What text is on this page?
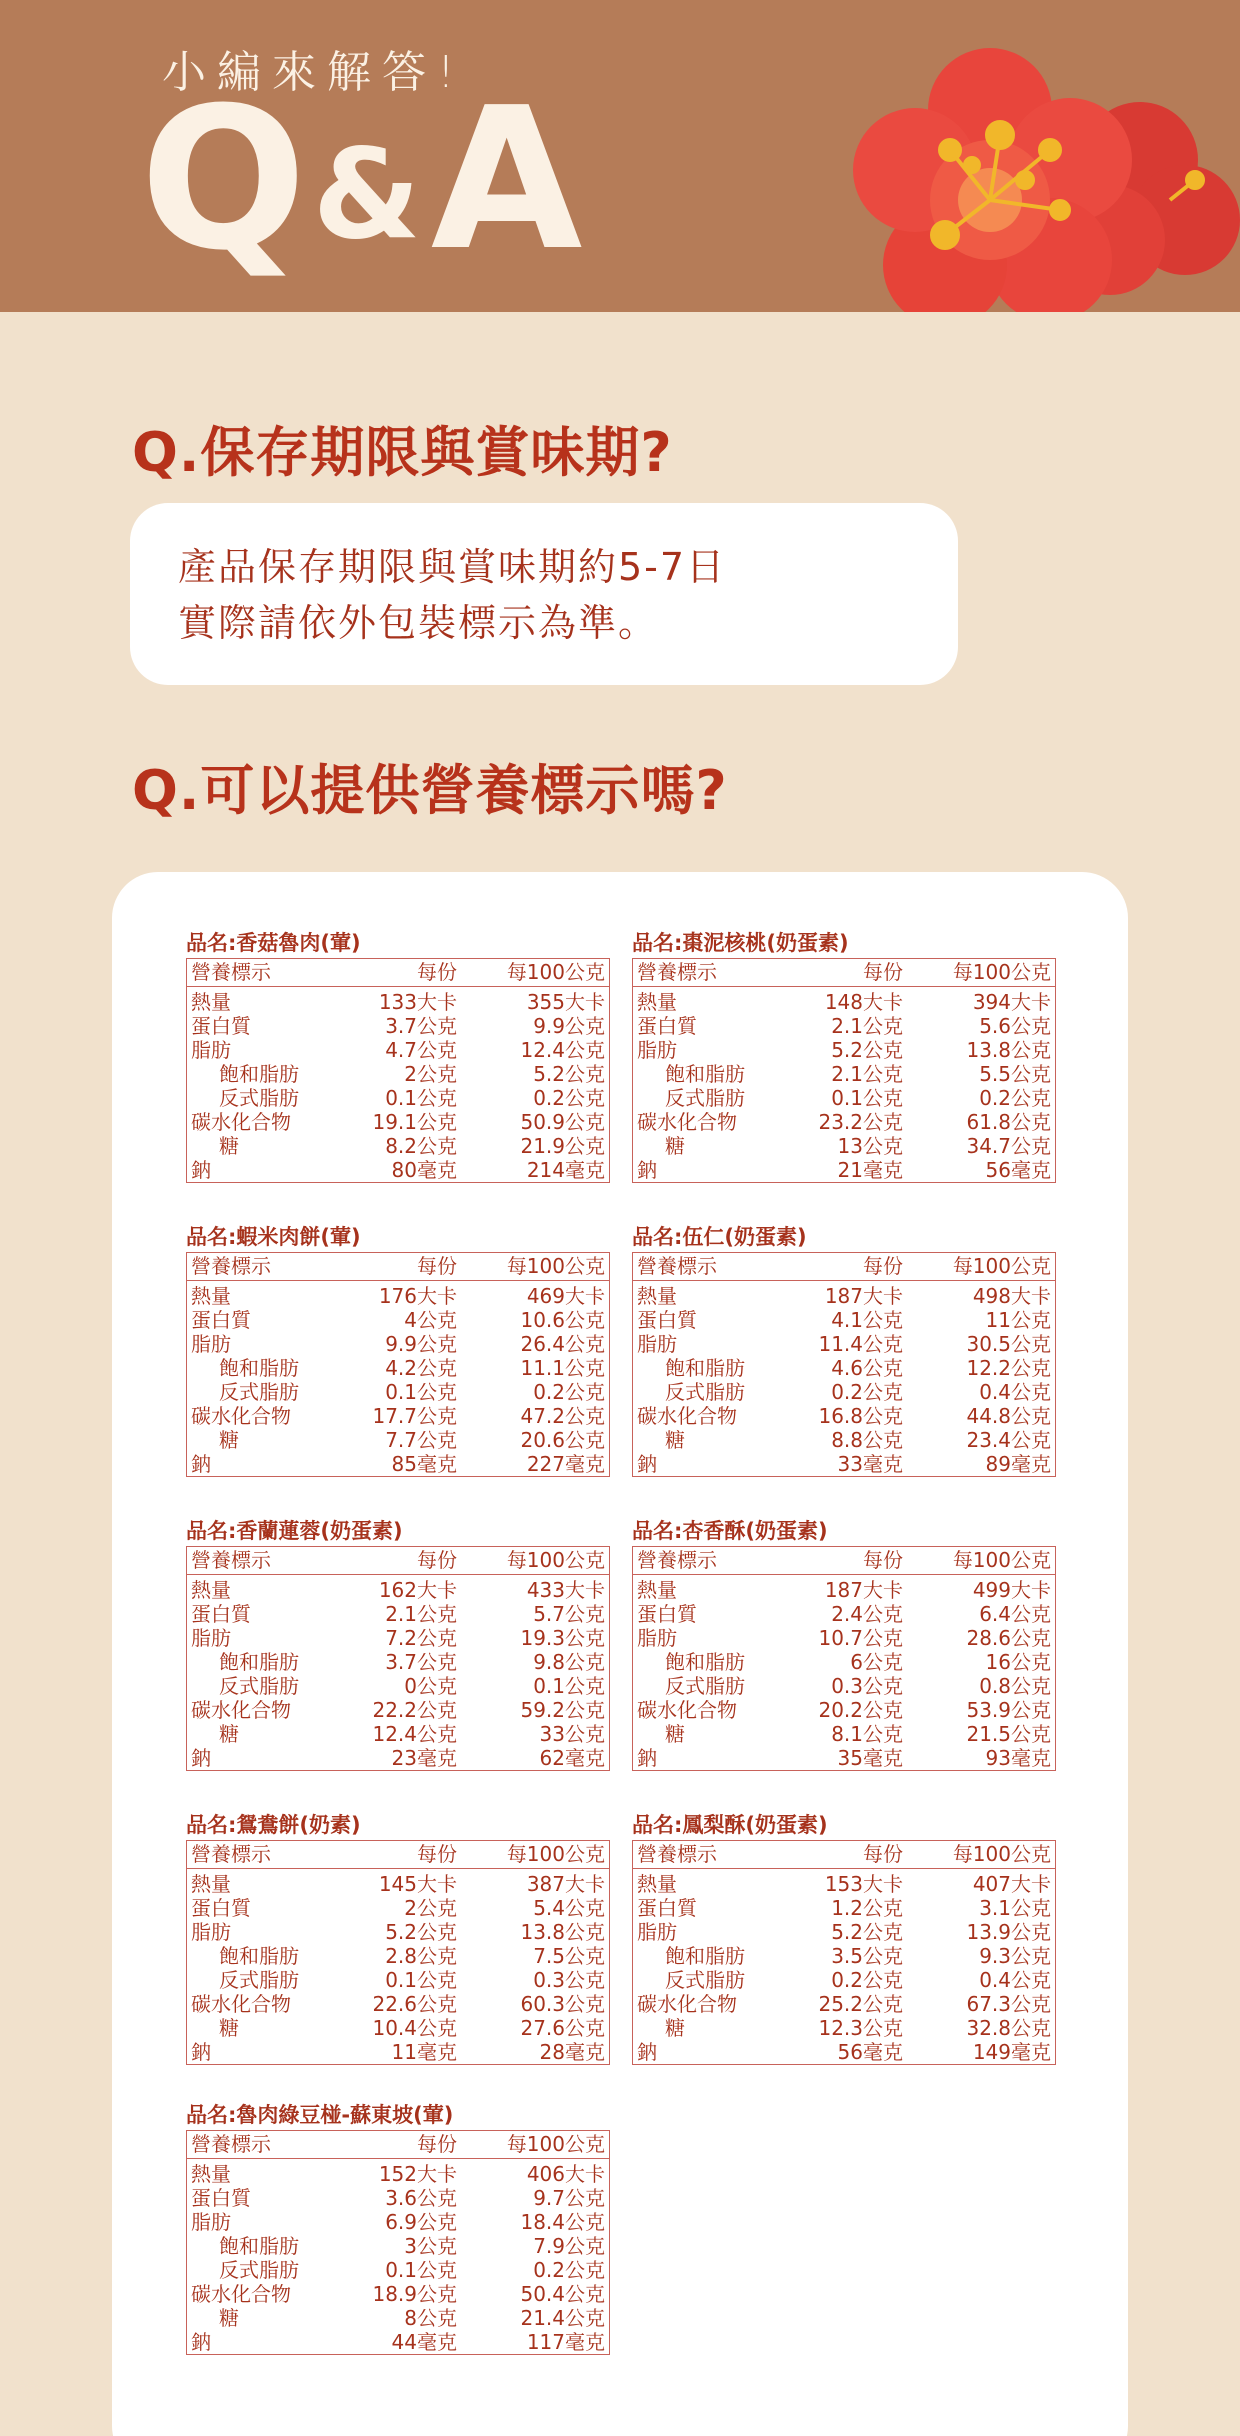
小編來解答!
Q&A
Q.保存期限與賞味期?
產品保存期限與賞味期約5-7日
實際請依外包裝標示為準。
Q.可以提供營養標示嗎?
品名:香菇魯肉(葷)
營養標示	每份	每100公克
熱量	133大卡	355大卡
蛋白質	3.7公克	9.9公克
脂肪	4.7公克	12.4公克
飽和脂肪	2公克	5.2公克
反式脂肪	0.1公克	0.2公克
碳水化合物	19.1公克	50.9公克
糖	8.2公克	21.9公克
鈉	80毫克	214毫克
品名:棗泥核桃(奶蛋素)
營養標示	每份	每100公克
熱量	148大卡	394大卡
蛋白質	2.1公克	5.6公克
脂肪	5.2公克	13.8公克
飽和脂肪	2.1公克	5.5公克
反式脂肪	0.1公克	0.2公克
碳水化合物	23.2公克	61.8公克
糖	13公克	34.7公克
鈉	21毫克	56毫克
品名:蝦米肉餅(葷)
營養標示	每份	每100公克
熱量	176大卡	469大卡
蛋白質	4公克	10.6公克
脂肪	9.9公克	26.4公克
飽和脂肪	4.2公克	11.1公克
反式脂肪	0.1公克	0.2公克
碳水化合物	17.7公克	47.2公克
糖	7.7公克	20.6公克
鈉	85毫克	227毫克
品名:伍仁(奶蛋素)
營養標示	每份	每100公克
熱量	187大卡	498大卡
蛋白質	4.1公克	11公克
脂肪	11.4公克	30.5公克
飽和脂肪	4.6公克	12.2公克
反式脂肪	0.2公克	0.4公克
碳水化合物	16.8公克	44.8公克
糖	8.8公克	23.4公克
鈉	33毫克	89毫克
品名:香蘭蓮蓉(奶蛋素)
營養標示	每份	每100公克
熱量	162大卡	433大卡
蛋白質	2.1公克	5.7公克
脂肪	7.2公克	19.3公克
飽和脂肪	3.7公克	9.8公克
反式脂肪	0公克	0.1公克
碳水化合物	22.2公克	59.2公克
糖	12.4公克	33公克
鈉	23毫克	62毫克
品名:杏香酥(奶蛋素)
營養標示	每份	每100公克
熱量	187大卡	499大卡
蛋白質	2.4公克	6.4公克
脂肪	10.7公克	28.6公克
飽和脂肪	6公克	16公克
反式脂肪	0.3公克	0.8公克
碳水化合物	20.2公克	53.9公克
糖	8.1公克	21.5公克
鈉	35毫克	93毫克
品名:鴛鴦餅(奶素)
營養標示	每份	每100公克
熱量	145大卡	387大卡
蛋白質	2公克	5.4公克
脂肪	5.2公克	13.8公克
飽和脂肪	2.8公克	7.5公克
反式脂肪	0.1公克	0.3公克
碳水化合物	22.6公克	60.3公克
糖	10.4公克	27.6公克
鈉	11毫克	28毫克
品名:鳳梨酥(奶蛋素)
營養標示	每份	每100公克
熱量	153大卡	407大卡
蛋白質	1.2公克	3.1公克
脂肪	5.2公克	13.9公克
飽和脂肪	3.5公克	9.3公克
反式脂肪	0.2公克	0.4公克
碳水化合物	25.2公克	67.3公克
糖	12.3公克	32.8公克
鈉	56毫克	149毫克
品名:魯肉綠豆椪-蘇東坡(葷)
營養標示	每份	每100公克
熱量	152大卡	406大卡
蛋白質	3.6公克	9.7公克
脂肪	6.9公克	18.4公克
飽和脂肪	3公克	7.9公克
反式脂肪	0.1公克	0.2公克
碳水化合物	18.9公克	50.4公克
糖	8公克	21.4公克
鈉	44毫克	117毫克
